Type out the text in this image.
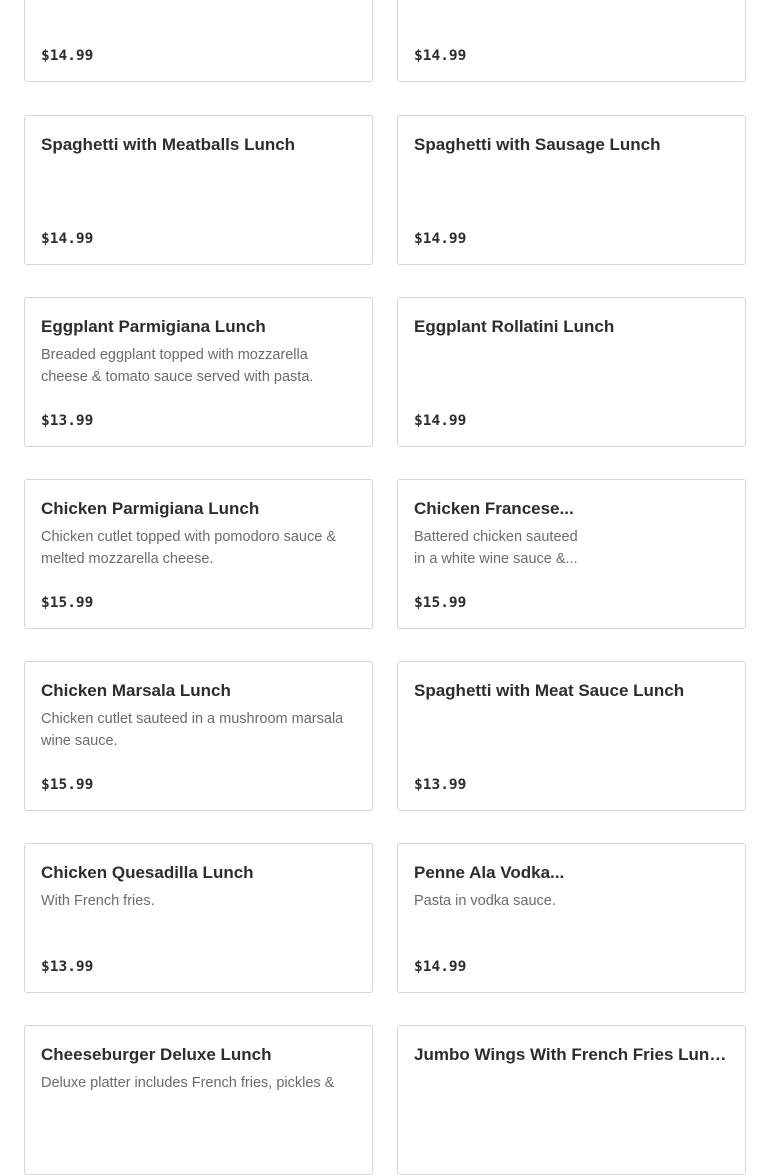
$14.99	$14.99
Spaghetti with Meatballs Lunch
$14.99
Spaghetti with Sausage Lunch
$14.99
Eggplant Parmigiana Lunch
Breaded eggplant topped with mozzarella cheese & tomato sauce served with pasta.
$13.99
Eggplant Rollatini Lunch
$14.99
Chicken Parmigiana Lunch
Chicken cutlet topped with pomodoro sauce & melted mozzarella cheese.
$15.99
Chicken Francese...
Battered chicken sauteed in a white wine sauce &...
$15.99
Chicken Marsala Lunch
Chicken cutlet sauteed in a mushroom marsala wine sauce.
$15.99
Spaghetti with Meat Sauce Lunch
$13.99
Chicken Quesadilla Lunch
With French fries.
$13.99
Penne Ala Vodka...
Pasta in vodka sauce.
$14.99
Cheeseburger Deluxe Lunch
Deluxe platter includes French fries, pickles &
Jumbo Wings With French Fries Lunch
